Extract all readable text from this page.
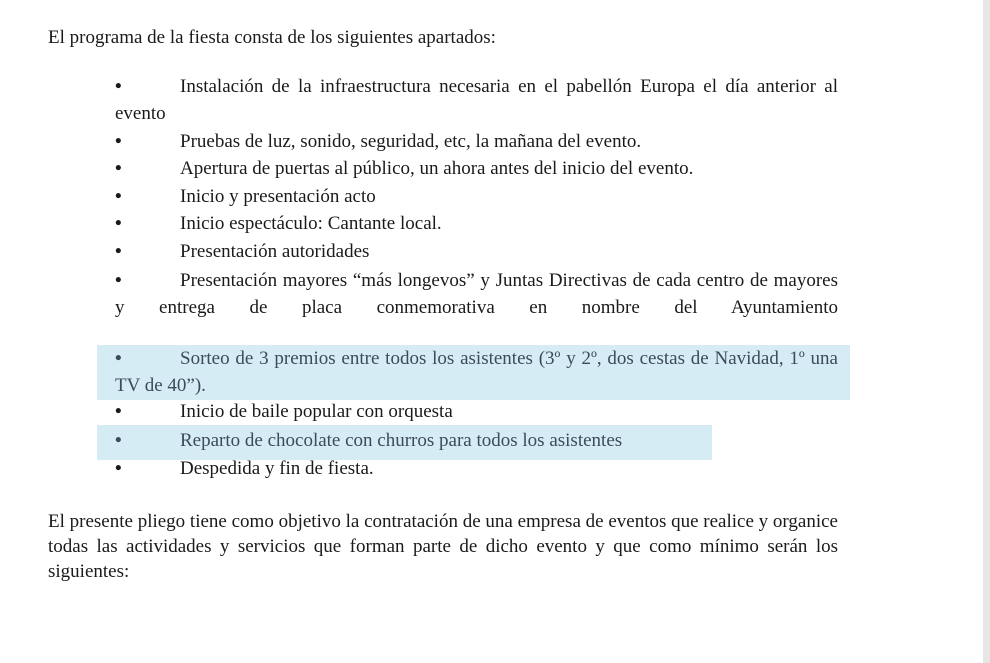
El programa de la fiesta consta de los siguientes apartados:

•	Instalación de la infraestructura necesaria en el pabellón Europa el día anterior al evento

•	Pruebas de luz, sonido, seguridad, etc, la mañana del evento.

•	Apertura de puertas al público, un ahora antes del inicio del evento.

•	Inicio y presentación acto

•	Inicio espectáculo: Cantante local.

•	Presentación autoridades

•	Presentación mayores “más longevos” y Juntas Directivas de cada centro de mayores y entrega de placa conmemorativa en nombre del Ayuntamiento

•	Sorteo de 3 premios entre todos los asistentes (3º y 2º, dos cestas de Navidad, 1º una TV de 40”).

•	Inicio de baile popular con orquesta

•	Reparto de chocolate con churros para todos los asistentes

•	Despedida y fin de fiesta.

El presente pliego tiene como objetivo la contratación de una empresa de eventos que realice y organice todas las actividades y servicios que forman parte de dicho evento y que como mínimo serán los siguientes:
